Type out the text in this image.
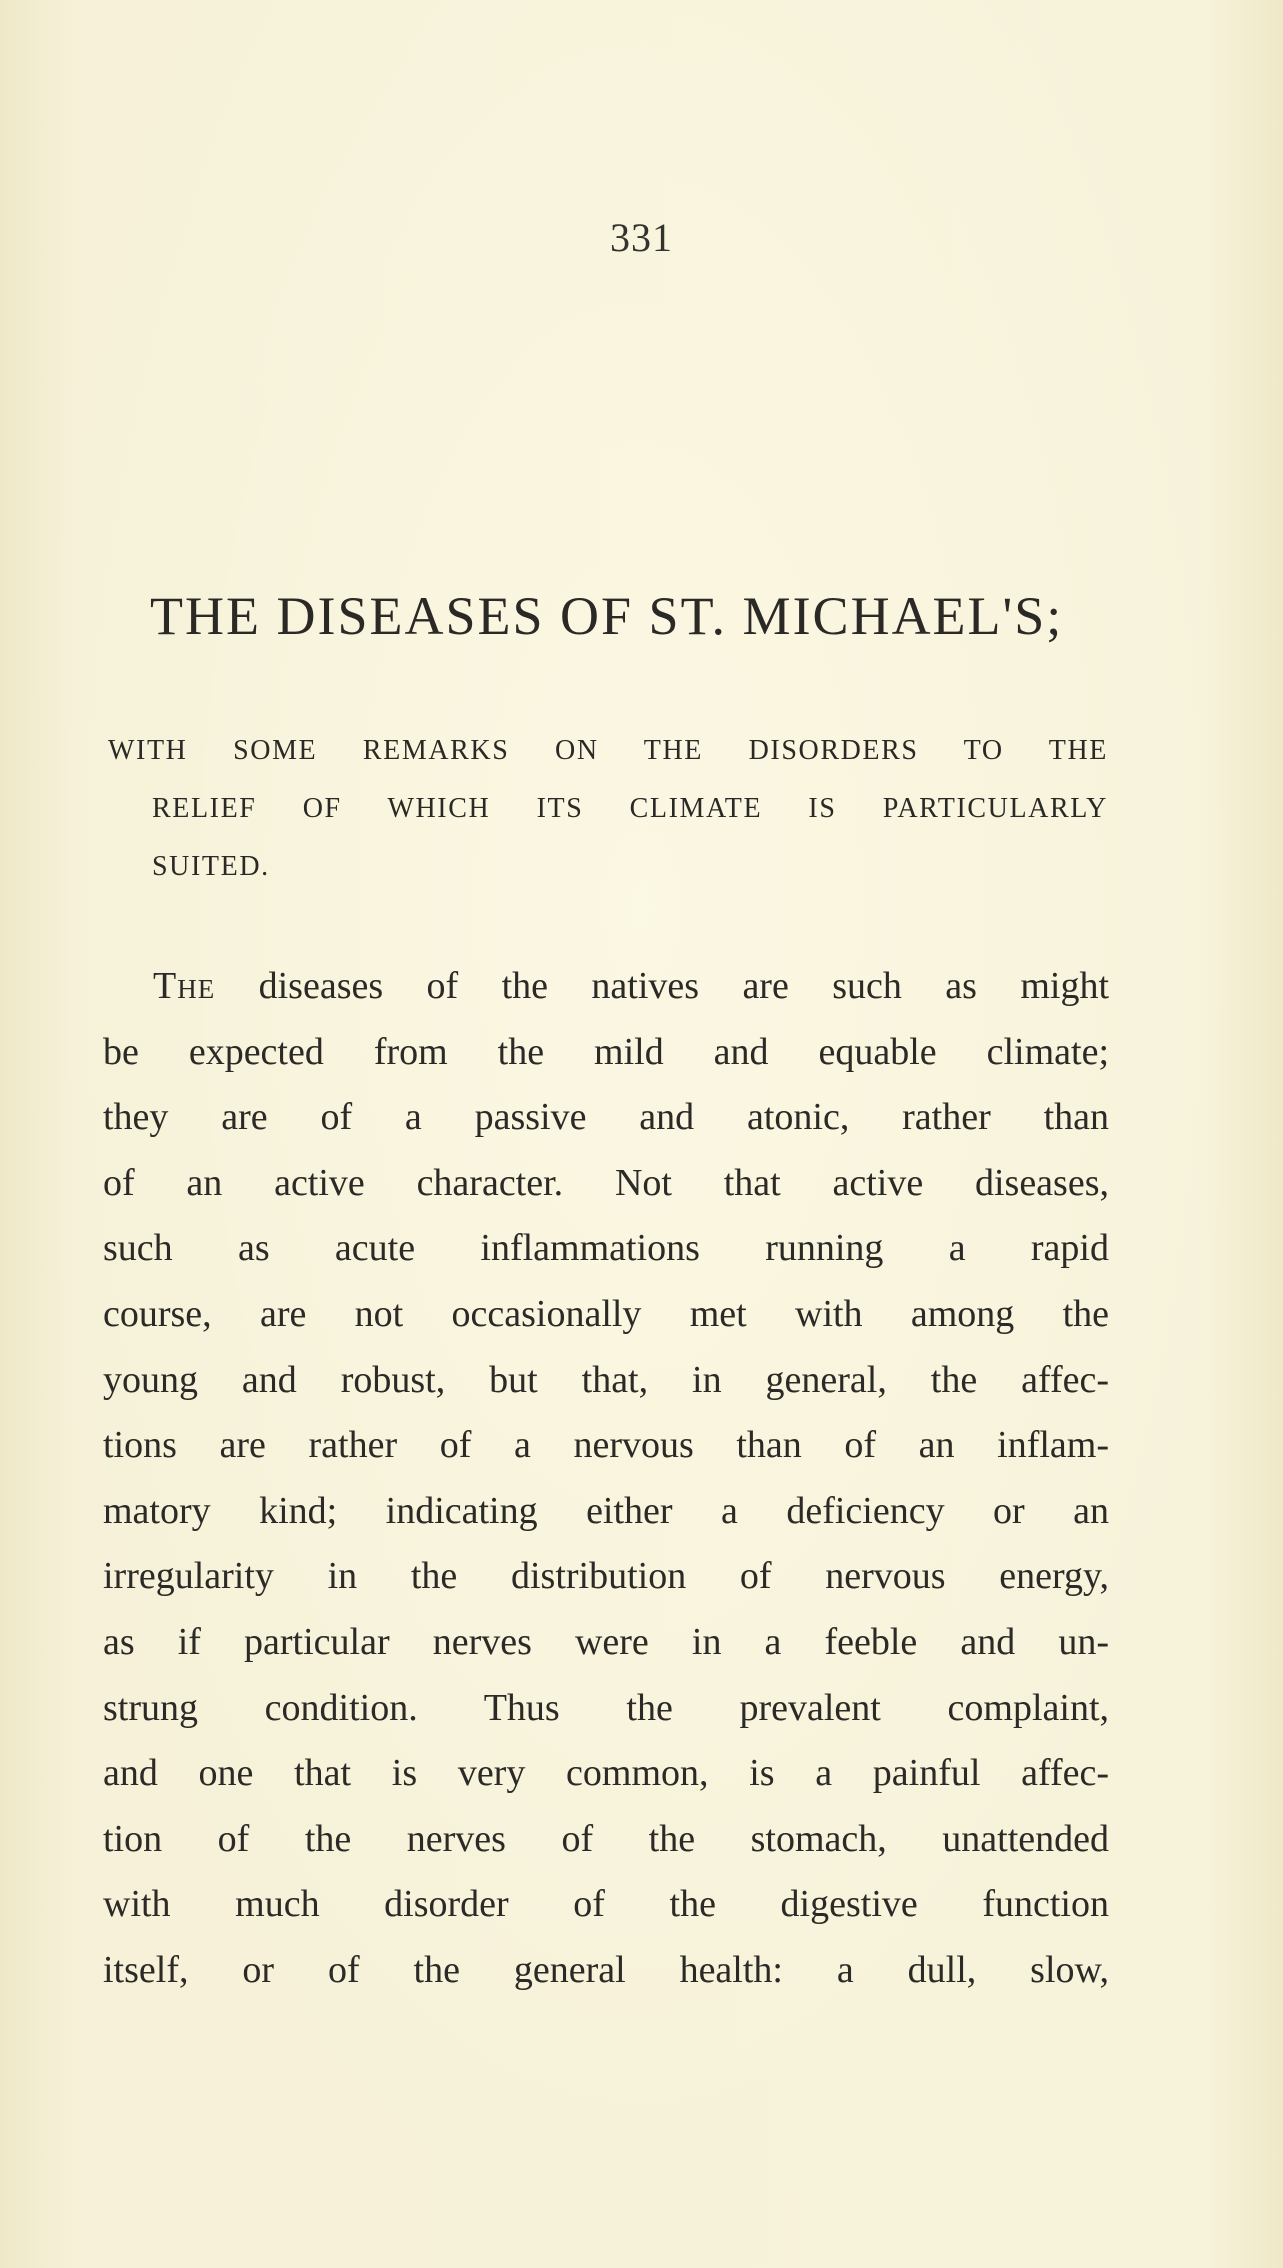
331
THE DISEASES OF ST. MICHAEL'S;
WITH SOME REMARKS ON THE DISORDERS TO THE
RELIEF OF WHICH ITS CLIMATE IS PARTICULARLY
SUITED.
The diseases of the natives are such as might
be expected from the mild and equable climate;
they are of a passive and atonic, rather than
of an active character. Not that active diseases,
such as acute inflammations running a rapid
course, are not occasionally met with among the
young and robust, but that, in general, the affec-
tions are rather of a nervous than of an inflam-
matory kind; indicating either a deficiency or an
irregularity in the distribution of nervous energy,
as if particular nerves were in a feeble and un-
strung condition. Thus the prevalent complaint,
and one that is very common, is a painful affec-
tion of the nerves of the stomach, unattended
with much disorder of the digestive function
itself, or of the general health: a dull, slow,
